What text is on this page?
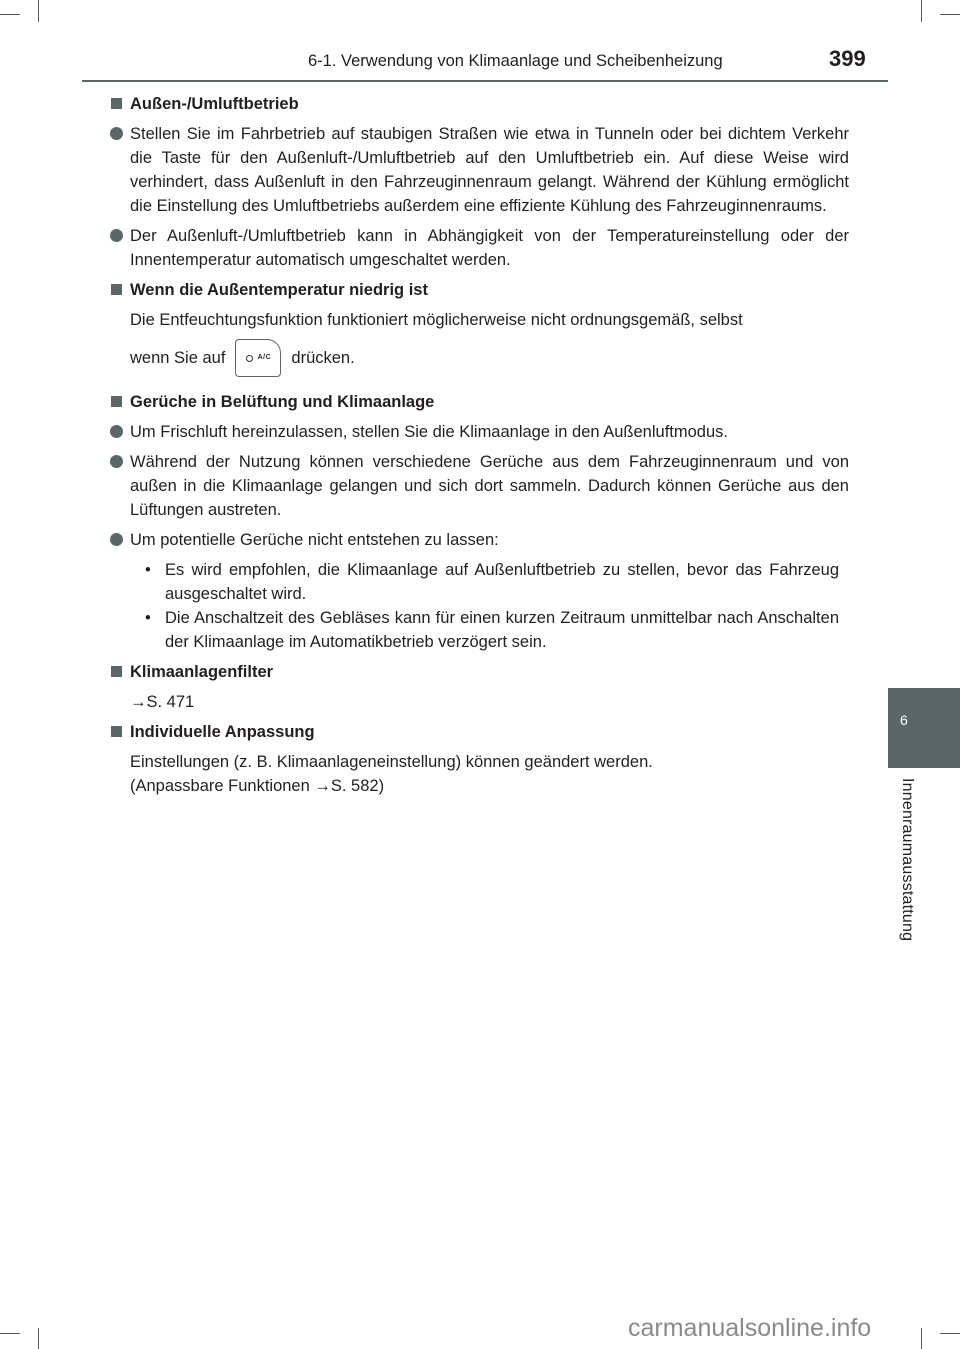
6-1. Verwendung von Klimaanlage und Scheibenheizung	399
6
Innenraumausstattung
Außen-/Umluftbetrieb
Stellen Sie im Fahrbetrieb auf staubigen Straßen wie etwa in Tunneln oder bei dichtem Verkehr die Taste für den Außenluft-/Umluftbetrieb auf den Umluftbetrieb ein. Auf diese Weise wird verhindert, dass Außenluft in den Fahrzeuginnenraum gelangt. Während der Kühlung ermöglicht die Einstellung des Umluftbetriebs außerdem eine effiziente Kühlung des Fahrzeuginnenraums.
Der Außenluft-/Umluftbetrieb kann in Abhängigkeit von der Temperatureinstellung oder der Innentemperatur automatisch umgeschaltet werden.
Wenn die Außentemperatur niedrig ist
Die Entfeuchtungsfunktion funktioniert möglicherweise nicht ordnungsgemäß, selbst
wenn Sie auf	A/C drücken.
Gerüche in Belüftung und Klimaanlage
Um Frischluft hereinzulassen, stellen Sie die Klimaanlage in den Außenluftmodus.
Während der Nutzung können verschiedene Gerüche aus dem Fahrzeuginnenraum und von außen in die Klimaanlage gelangen und sich dort sammeln. Dadurch können Gerüche aus den Lüftungen austreten.
Um potentielle Gerüche nicht entstehen zu lassen:
• Es wird empfohlen, die Klimaanlage auf Außenluftbetrieb zu stellen, bevor das Fahrzeug ausgeschaltet wird.
• Die Anschaltzeit des Gebläses kann für einen kurzen Zeitraum unmittelbar nach Anschalten der Klimaanlage im Automatikbetrieb verzögert sein.
Klimaanlagenfilter
→S. 471
Individuelle Anpassung
Einstellungen (z. B. Klimaanlageneinstellung) können geändert werden.
(Anpassbare Funktionen →S. 582)
carmanualsonline.info
